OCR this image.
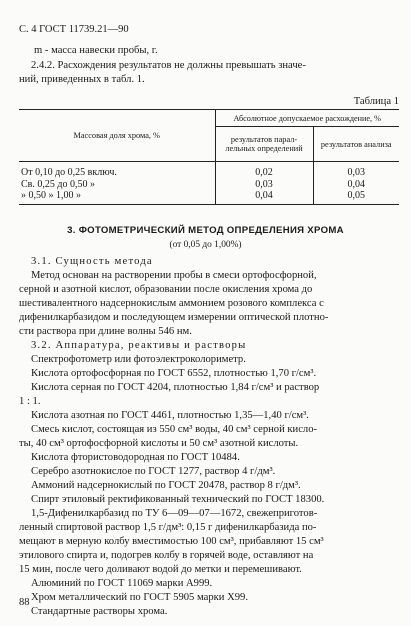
С. 4 ГОСТ 11739.21—90
m - масса навески пробы, г.
2.4.2. Расхождения результатов не должны превышать значе-
ний, приведенных в табл. 1.
Таблица 1
Массовая доля хрома, %	Абсолютное допускаемое расхождение, %	
	результатов парал-
лельных определений	результатов анализа
От 0,10 до 0,25 включ.	0,02	0,03
Св. 0,25 до 0,50 »	0,03	0,04
» 0,50 » 1,00 »	0,04	0,05
3. ФОТОМЕТРИЧЕСКИЙ МЕТОД ОПРЕДЕЛЕНИЯ ХРОМА
(от 0,05 до 1,00%)
3.1. Сущность метода
Метод основан на растворении пробы в смеси ортофосфорной,
серной и азотной кислот, образовании после окисления хрома до
шестивалентного надсернокислым аммонием розового комплекса с
дифенилкарбазидом и последующем измерении оптической плотно-
сти раствора при длине волны 546 нм.
3.2. Аппаратура, реактивы и растворы
Спектрофотометр или фотоэлектроколориметр.
Кислота ортофосфорная по ГОСТ 6552, плотностью 1,70 г/см³.
Кислота серная по ГОСТ 4204, плотностью 1,84 г/см³ и раствор
1 : 1.
Кислота азотная по ГОСТ 4461, плотностью 1,35—1,40 г/см³.
Смесь кислот, состоящая из 550 см³ воды, 40 см³ серной кисло-
ты, 40 см³ ортофосфорной кислоты и 50 см³ азотной кислоты.
Кислота фтористоводородная по ГОСТ 10484.
Серебро азотнокислое по ГОСТ 1277, раствор 4 г/дм³.
Аммоний надсернокислый по ГОСТ 20478, раствор 8 г/дм³.
Спирт этиловый ректификованный технический по ГОСТ 18300.
1,5-Дифенилкарбазид по ТУ 6—09—07—1672, свежеприготов-
ленный спиртовой раствор 1,5 г/дм³: 0,15 г дифенилкарбазида по-
мещают в мерную колбу вместимостью 100 см³, прибавляют 15 см³
этилового спирта и, подогрев колбу в горячей воде, оставляют на
15 мин, после чего доливают водой до метки и перемешивают.
Алюминий по ГОСТ 11069 марки А999.
Хром металлический по ГОСТ 5905 марки Х99.
Стандартные растворы хрома.
88
